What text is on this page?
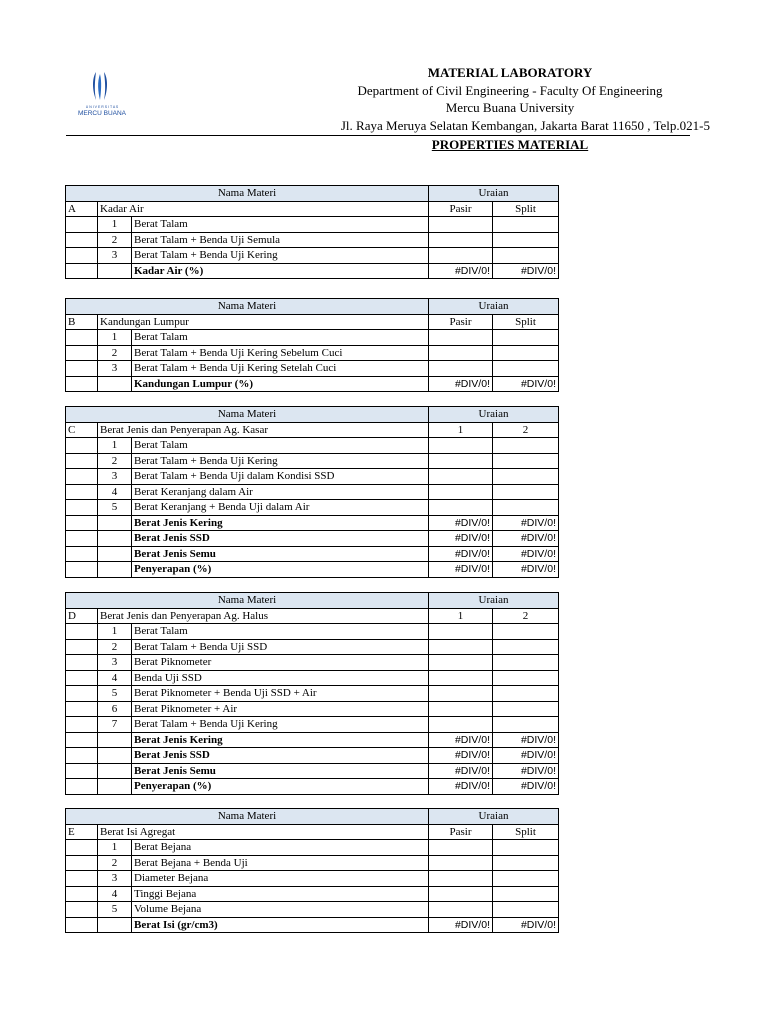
U N I V E R S I T A S
MERCU BUANA
MATERIAL LABORATORY
Department of Civil Engineering - Faculty Of Engineering
Mercu Buana University
Jl. Raya Meruya Selatan Kembangan, Jakarta Barat 11650 , Telp.021-5
PROPERTIES MATERIAL
Nama Materi			Uraian	
A	Kadar Air		Pasir	Split
	1	Berat Talam		
	2	Berat Talam + Benda Uji Semula		
	3	Berat Talam + Benda Uji Kering		
		Kadar Air (%)	#DIV/0!	#DIV/0!
Nama Materi			Uraian	
B	Kandungan Lumpur		Pasir	Split
	1	Berat Talam		
	2	Berat Talam + Benda Uji Kering Sebelum Cuci		
	3	Berat Talam + Benda Uji Kering Setelah Cuci		
		Kandungan Lumpur (%)	#DIV/0!	#DIV/0!
Nama Materi			Uraian	
C	Berat Jenis dan Penyerapan Ag. Kasar		1	2
	1	Berat Talam		
	2	Berat Talam + Benda Uji Kering		
	3	Berat Talam + Benda Uji dalam Kondisi SSD		
	4	Berat Keranjang dalam Air		
	5	Berat Keranjang + Benda Uji dalam Air		
		Berat Jenis Kering	#DIV/0!	#DIV/0!
		Berat Jenis SSD	#DIV/0!	#DIV/0!
		Berat Jenis Semu	#DIV/0!	#DIV/0!
		Penyerapan (%)	#DIV/0!	#DIV/0!
Nama Materi			Uraian	
D	Berat Jenis dan Penyerapan Ag. Halus		1	2
	1	Berat Talam		
	2	Berat Talam + Benda Uji SSD		
	3	Berat Piknometer		
	4	Benda Uji SSD		
	5	Berat Piknometer + Benda Uji SSD + Air		
	6	Berat Piknometer + Air		
	7	Berat Talam + Benda Uji Kering		
		Berat Jenis Kering	#DIV/0!	#DIV/0!
		Berat Jenis SSD	#DIV/0!	#DIV/0!
		Berat Jenis Semu	#DIV/0!	#DIV/0!
		Penyerapan (%)	#DIV/0!	#DIV/0!
Nama Materi			Uraian	
E	Berat Isi Agregat		Pasir	Split
	1	Berat Bejana		
	2	Berat Bejana + Benda Uji		
	3	Diameter Bejana		
	4	Tinggi Bejana		
	5	Volume Bejana		
		Berat Isi (gr/cm3)	#DIV/0!	#DIV/0!
